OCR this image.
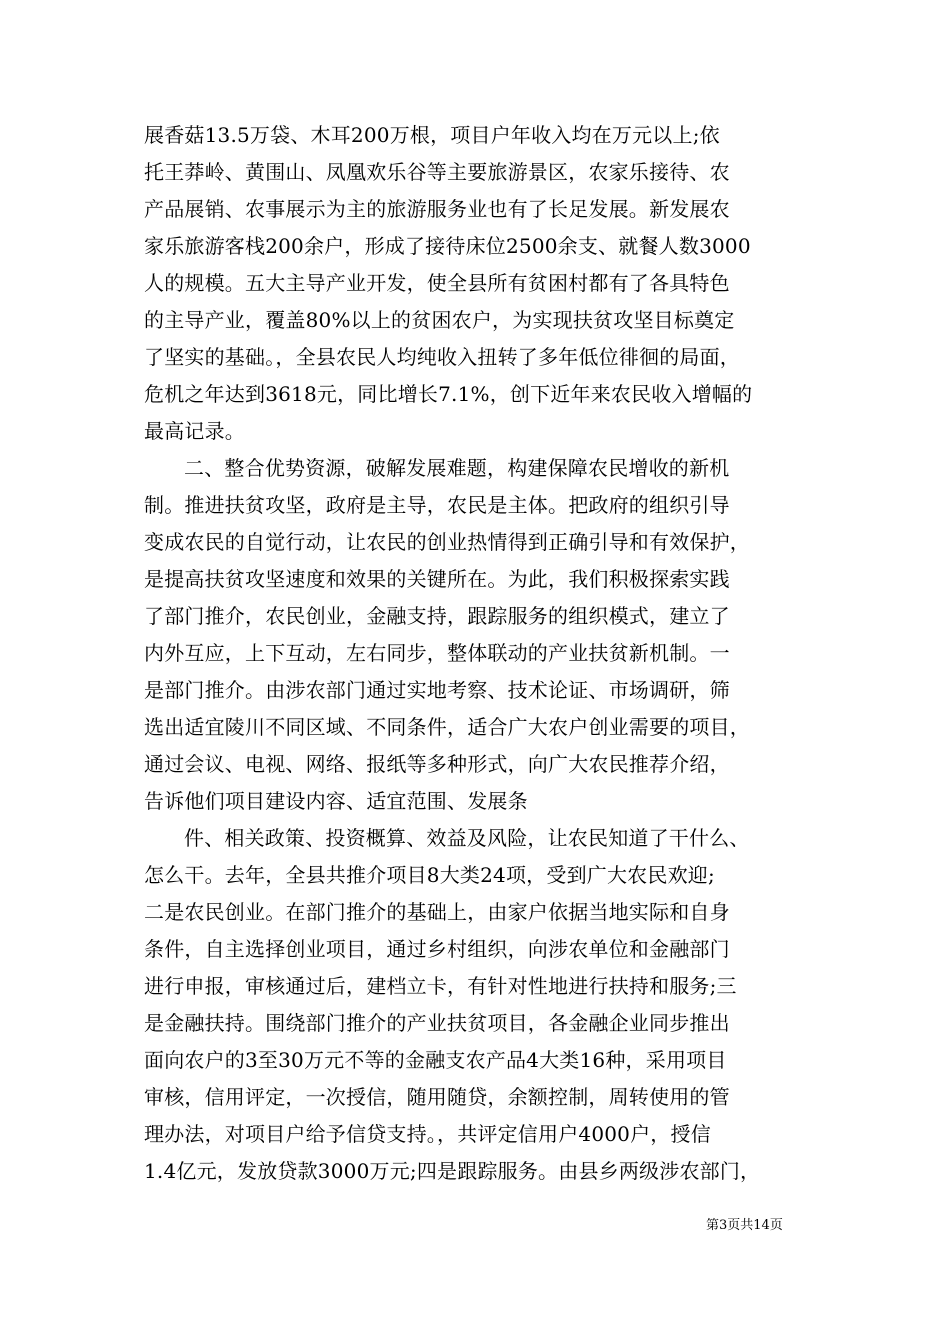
展香菇13.5万袋、木耳200万根，项目户年收入均在万元以上;依
托王莽岭、黄围山、凤凰欢乐谷等主要旅游景区，农家乐接待、农
产品展销、农事展示为主的旅游服务业也有了长足发展。新发展农
家乐旅游客栈200余户，形成了接待床位2500余支、就餐人数3000
人的规模。五大主导产业开发，使全县所有贫困村都有了各具特色
的主导产业，覆盖80%以上的贫困农户，为实现扶贫攻坚目标奠定
了坚实的基础。，全县农民人均纯收入扭转了多年低位徘徊的局面，
危机之年达到3618元，同比增长7.1%，创下近年来农民收入增幅的
最高记录。
二、整合优势资源，破解发展难题，构建保障农民增收的新机
制。推进扶贫攻坚，政府是主导，农民是主体。把政府的组织引导
变成农民的自觉行动，让农民的创业热情得到正确引导和有效保护，
是提高扶贫攻坚速度和效果的关键所在。为此，我们积极探索实践
了部门推介，农民创业，金融支持，跟踪服务的组织模式，建立了
内外互应，上下互动，左右同步，整体联动的产业扶贫新机制。一
是部门推介。由涉农部门通过实地考察、技术论证、市场调研，筛
选出适宜陵川不同区域、不同条件，适合广大农户创业需要的项目，
通过会议、电视、网络、报纸等多种形式，向广大农民推荐介绍，
告诉他们项目建设内容、适宜范围、发展条
件、相关政策、投资概算、效益及风险，让农民知道了干什么、
怎么干。去年，全县共推介项目8大类24项，受到广大农民欢迎;
二是农民创业。在部门推介的基础上，由家户依据当地实际和自身
条件，自主选择创业项目，通过乡村组织，向涉农单位和金融部门
进行申报，审核通过后，建档立卡，有针对性地进行扶持和服务;三
是金融扶持。围绕部门推介的产业扶贫项目，各金融企业同步推出
面向农户的3至30万元不等的金融支农产品4大类16种，采用项目
审核，信用评定，一次授信，随用随贷，余额控制，周转使用的管
理办法，对项目户给予信贷支持。，共评定信用户4000户，授信
1.4亿元，发放贷款3000万元;四是跟踪服务。由县乡两级涉农部门，
第3页共14页
